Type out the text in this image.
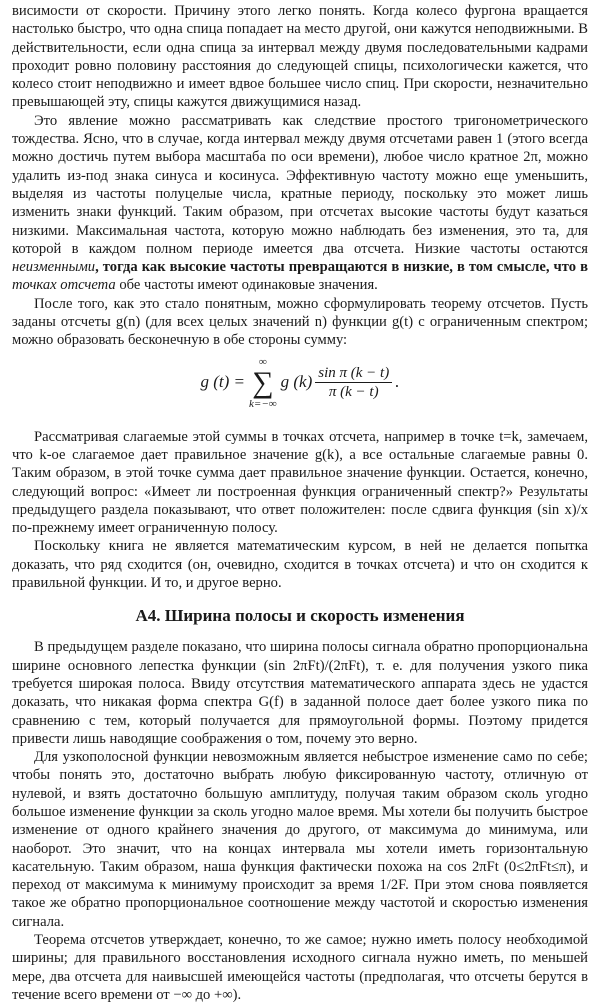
висимости от скорости. Причину этого легко понять. Когда колесо фургона вращается настолько быстро, что одна спица попадает на место другой, они кажутся неподвижными. В действительности, если одна спица за интервал между двумя последовательными кадрами проходит ровно половину расстояния до следующей спицы, психологически кажется, что колесо стоит неподвижно и имеет вдвое большее число спиц. При скорости, незначительно превышающей эту, спицы кажутся движущимися назад.

Это явление можно рассматривать как следствие простого тригонометрического тождества. Ясно, что в случае, когда интервал между двумя отсчетами равен 1 (этого всегда можно достичь путем выбора масштаба по оси времени), любое число кратное 2π, можно удалить из-под знака синуса и косинуса. Эффективную частоту можно еще уменьшить, выделяя из частоты полуцелые числа, кратные периоду, поскольку это может лишь изменить знаки функций. Таким образом, при отсчетах высокие частоты будут казаться низкими. Максимальная частота, которую можно наблюдать без изменения, это та, для которой в каждом полном периоде имеется два отсчета. Низкие частоты остаются неизменными, тогда как высокие частоты превращаются в низкие, в том смысле, что в точках отсчета обе частоты имеют одинаковые значения.

После того, как это стало понятным, можно сформулировать теорему отсчетов. Пусть заданы отсчеты g(n) (для всех целых значений n) функции g(t) с ограниченным спектром; можно образовать бесконечную в обе стороны сумму:

g (t) =
∞
∑
k=−∞
g $(k) \frac{\text{sin π (k − t)}}{\pi (k - t)}$ .

Рассматривая слагаемые этой суммы в точках отсчета, например в точке t=k, замечаем, что k-ое слагаемое дает правильное значение g(k), а все остальные слагаемые равны 0. Таким образом, в этой точке сумма дает правильное значение функции. Остается, конечно, следующий вопрос: «Имеет ли построенная функция ограниченный спектр?» Результаты предыдущего раздела показывают, что ответ положителен: после сдвига функция (sin x)/x по-прежнему имеет ограниченную полосу.

Поскольку книга не является математическим курсом, в ней не делается попытка доказать, что ряд сходится (он, очевидно, сходится в точках отсчета) и что он сходится к правильной функции. И то, и другое верно.

А4. Ширина полосы и скорость изменения

В предыдущем разделе показано, что ширина полосы сигнала обратно пропорциональна ширине основного лепестка функции (sin 2πFt)/(2πFt), т. е. для получения узкого пика требуется широкая полоса. Ввиду отсутствия математического аппарата здесь не удастся доказать, что никакая форма спектра G(f) в заданной полосе дает более узкого пика по сравнению с тем, который получается для прямоугольной формы. Поэтому придется привести лишь наводящие соображения о том, почему это верно.

Для узкополосной функции невозможным является небыстрое изменение само по себе; чтобы понять это, достаточно выбрать любую фиксированную частоту, отличную от нулевой, и взять достаточно большую амплитуду, получая таким образом сколь угодно большое изменение функции за сколь угодно малое время. Мы хотели бы получить быстрое изменение от одного крайнего значения до другого, от максимума до минимума, или наоборот. Это значит, что на концах интервала мы хотели иметь горизонтальную касательную. Таким образом, наша функция фактически похожа на cos 2πFt (0≤2πFt≤π), и переход от максимума к минимуму происходит за время 1/2F. При этом снова появляется такое же обратно пропорциональное соотношение между частотой и скоростью изменения сигнала.

Теорема отсчетов утверждает, конечно, то же самое; нужно иметь полосу необходимой ширины; для правильного восстановления исходного сигнала нужно иметь, по меньшей мере, два отсчета для наивысшей имеющейся частоты (предполагая, что отсчеты берутся в течение всего времени от −∞ до +∞).
